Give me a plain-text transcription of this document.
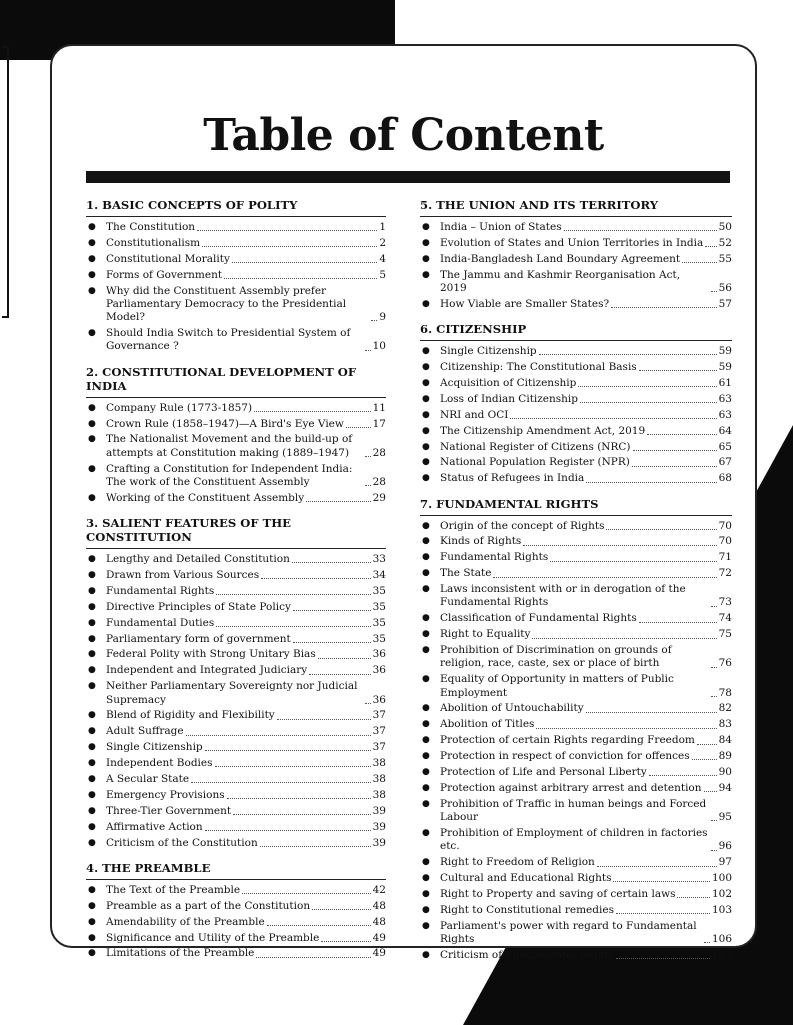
Table of Content
1. BASIC CONCEPTS OF POLITY
● The Constitution	1
● Constitutionalism	2
● Constitutional Morality	4
● Forms of Government	5
● Why did the Constituent Assembly prefer Parliamentary Democracy to the Presidential Model?	9
● Should India Switch to Presidential System of Governance ?	10
2. CONSTITUTIONAL DEVELOPMENT OF INDIA
● Company Rule (1773-1857)	11
● Crown Rule (1858–1947)—A Bird's Eye View	17
● The Nationalist Movement and the build-up of attempts at Constitution making (1889–1947)	28
● Crafting a Constitution for Independent India: The work of the Constituent Assembly	28
● Working of the Constituent Assembly	29
3. SALIENT FEATURES OF THE CONSTITUTION
● Lengthy and Detailed Constitution	33
● Drawn from Various Sources	34
● Fundamental Rights	35
● Directive Principles of State Policy	35
● Fundamental Duties	35
● Parliamentary form of government	35
● Federal Polity with Strong Unitary Bias	36
● Independent and Integrated Judiciary	36
● Neither Parliamentary Sovereignty nor Judicial Supremacy	36
● Blend of Rigidity and Flexibility	37
● Adult Suffrage	37
● Single Citizenship	37
● Independent Bodies	38
● A Secular State	38
● Emergency Provisions	38
● Three-Tier Government	39
● Affirmative Action	39
● Criticism of the Constitution	39
4. THE PREAMBLE
● The Text of the Preamble	42
● Preamble as a part of the Constitution	48
● Amendability of the Preamble	48
● Significance and Utility of the Preamble	49
● Limitations of the Preamble	49
5. THE UNION AND ITS TERRITORY
● India – Union of States	50
● Evolution of States and Union Territories in India 52
● India-Bangladesh Land Boundary Agreement	55
● The Jammu and Kashmir Reorganisation Act, 2019	56
● How Viable are Smaller States?	57
6. CITIZENSHIP
● Single Citizenship	59
● Citizenship: The Constitutional Basis	59
● Acquisition of Citizenship	61
● Loss of Indian Citizenship	63
● NRI and OCI	63
● The Citizenship Amendment Act, 2019	64
● National Register of Citizens (NRC)	65
● National Population Register (NPR)	67
● Status of Refugees in India	68
7. FUNDAMENTAL RIGHTS
● Origin of the concept of Rights	70
● Kinds of Rights	70
● Fundamental Rights	71
● The State	72
● Laws inconsistent with or in derogation of the Fundamental Rights	73
● Classification of Fundamental Rights	74
● Right to Equality	75
● Prohibition of Discrimination on grounds of religion, race, caste, sex or place of birth	76
● Equality of Opportunity in matters of Public Employment	78
● Abolition of Untouchability	82
● Abolition of Titles	83
● Protection of certain Rights regarding Freedom 84
● Protection in respect of conviction for offences	89
● Protection of Life and Personal Liberty	90
● Protection against arbitrary arrest and detention 94
● Prohibition of Traffic in human beings and Forced Labour	95
● Prohibition of Employment of children in factories etc.	96
● Right to Freedom of Religion	97
● Cultural and Educational Rights	100
● Right to Property and saving of certain laws	102
● Right to Constitutional remedies	103
● Parliament's power with regard to Fundamental Rights	106
● Criticism of Fundamental Rights	107
